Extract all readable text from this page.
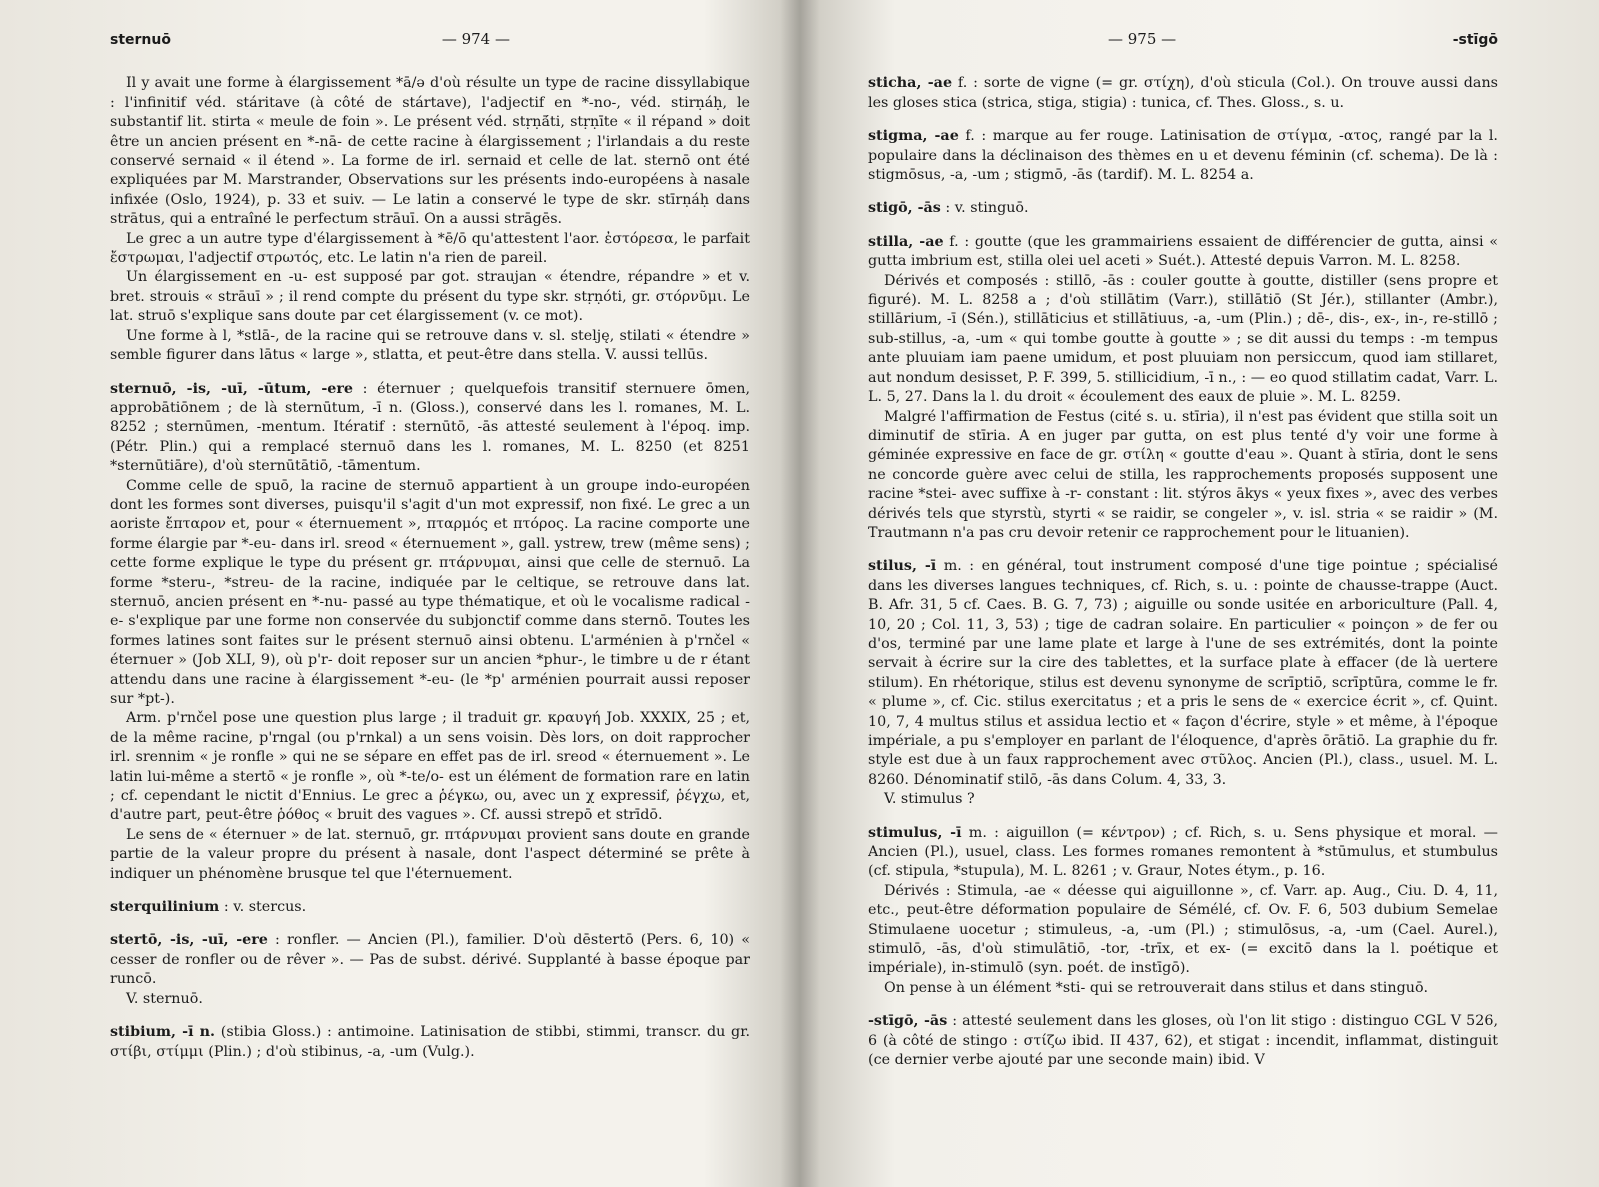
sternuō	— 974 —

Il y avait une forme à élargissement *ā/ə d'où résulte un type de racine dissyllabique : l'infinitif véd. stáritave (à côté de stártave), l'adjectif en *-no-, véd. stirṇáḥ, le substantif lit. stirta « meule de foin ». Le présent véd. stṛṇā́ti, stṛṇīte « il répand » doit être un ancien présent en *-nā- de cette racine à élargissement ; l'irlandais a du reste conservé sernaid « il étend ». La forme de irl. sernaid et celle de lat. sternō ont été expliquées par M. Marstrander, Observations sur les présents indo-européens à nasale infixée (Oslo, 1924), p. 33 et suiv. — Le latin a conservé le type de skr. stīrṇáḥ dans strātus, qui a entraîné le perfectum strāuī. On a aussi strāgēs.

Le grec a un autre type d'élargissement à *ē/ō qu'attestent l'aor. ἐστόρεσα, le parfait ἔστρωμαι, l'adjectif στρωτός, etc. Le latin n'a rien de pareil.

Un élargissement en -u- est supposé par got. straujan « étendre, répandre » et v. bret. strouis « strāuī » ; il rend compte du présent du type skr. stṛṇóti, gr. στόρνῦμι. Le lat. struō s'explique sans doute par cet élargissement (v. ce mot).

Une forme à l, *stlā-, de la racine qui se retrouve dans v. sl. stelję, stilati « étendre » semble figurer dans lātus « large », stlatta, et peut-être dans stella. V. aussi tellūs.

sternuō, -is, -uī, -ūtum, -ere : éternuer ; quelquefois transitif sternuere ōmen, approbātiōnem ; de là sternūtum, -ī n. (Gloss.), conservé dans les l. romanes, M. L. 8252 ; sternūmen, -mentum. Itératif : sternūtō, -ās attesté seulement à l'époq. imp. (Pétr. Plin.) qui a remplacé sternuō dans les l. romanes, M. L. 8250 (et 8251 *sternūtiāre), d'où sternūtātiō, -tāmentum.

Comme celle de spuō, la racine de sternuō appartient à un groupe indo-européen dont les formes sont diverses, puisqu'il s'agit d'un mot expressif, non fixé. Le grec a un aoriste ἔπταρον et, pour « éternuement », πταρμός et πτόρος. La racine comporte une forme élargie par *-eu- dans irl. sreod « éternuement », gall. ystrew, trew (même sens) ; cette forme explique le type du présent gr. πτάρνυμαι, ainsi que celle de sternuō. La forme *steru-, *streu- de la racine, indiquée par le celtique, se retrouve dans lat. sternuō, ancien présent en *-nu- passé au type thématique, et où le vocalisme radical -e- s'explique par une forme non conservée du subjonctif comme dans sternō. Toutes les formes latines sont faites sur le présent sternuō ainsi obtenu. L'arménien à p'rnčel « éternuer » (Job XLI, 9), où p'r- doit reposer sur un ancien *phur-, le timbre u de r étant attendu dans une racine à élargissement *-eu- (le *p' arménien pourrait aussi reposer sur *pt-).

Arm. p'rnčel pose une question plus large ; il traduit gr. κραυγή Job. XXXIX, 25 ; et, de la même racine, p'rngal (ou p'rnkal) a un sens voisin. Dès lors, on doit rapprocher irl. srennim « je ronfle » qui ne se sépare en effet pas de irl. sreod « éternuement ». Le latin lui-même a stertō « je ronfle », où *-te/o- est un élément de formation rare en latin ; cf. cependant le nictit d'Ennius. Le grec a ῥέγκω, ou, avec un χ expressif, ῥέγχω, et, d'autre part, peut-être ῥόθος « bruit des vagues ». Cf. aussi strepō et strīdō.

Le sens de « éternuer » de lat. sternuō, gr. πτάρνυμαι provient sans doute en grande partie de la valeur propre du présent à nasale, dont l'aspect déterminé se prête à indiquer un phénomène brusque tel que l'éternuement.

sterquilinium : v. stercus.

stertō, -is, -uī, -ere : ronfler. — Ancien (Pl.), familier. D'où dēstertō (Pers. 6, 10) « cesser de ronfler ou de rêver ». — Pas de subst. dérivé. Supplanté à basse époque par runcō.

V. sternuō.

stibium, -ī n. (stibia Gloss.) : antimoine. Latinisation de stibbi, stimmi, transcr. du gr. στίβι, στίμμι (Plin.) ; d'où stibinus, -a, -um (Vulg.).

— 975 —	-stīgō

sticha, -ae f. : sorte de vigne (= gr. στίχη), d'où sticula (Col.). On trouve aussi dans les gloses stica (strica, stiga, stigia) : tunica, cf. Thes. Gloss., s. u.

stigma, -ae f. : marque au fer rouge. Latinisation de στίγμα, -ατος, rangé par la l. populaire dans la déclinaison des thèmes en u et devenu féminin (cf. schema). De là : stigmōsus, -a, -um ; stigmō, -ās (tardif). M. L. 8254 a.

stigō, -ās : v. stinguō.

stilla, -ae f. : goutte (que les grammairiens essaient de différencier de gutta, ainsi « gutta imbrium est, stilla olei uel aceti » Suét.). Attesté depuis Varron. M. L. 8258.

Dérivés et composés : stillō, -ās : couler goutte à goutte, distiller (sens propre et figuré). M. L. 8258 a ; d'où stillātim (Varr.), stillātiō (St Jér.), stillanter (Ambr.), stillārium, -ī (Sén.), stillāticius et stillātiuus, -a, -um (Plin.) ; dē-, dis-, ex-, in-, re-stillō ; sub-stillus, -a, -um « qui tombe goutte à goutte » ; se dit aussi du temps : -m tempus ante pluuiam iam paene umidum, et post pluuiam non persiccum, quod iam stillaret, aut nondum desisset, P. F. 399, 5. stillicidium, -ī n., : — eo quod stillatim cadat, Varr. L. L. 5, 27. Dans la l. du droit « écoulement des eaux de pluie ». M. L. 8259.

Malgré l'affirmation de Festus (cité s. u. stīria), il n'est pas évident que stilla soit un diminutif de stīria. A en juger par gutta, on est plus tenté d'y voir une forme à géminée expressive en face de gr. στίλη « goutte d'eau ». Quant à stīria, dont le sens ne concorde guère avec celui de stilla, les rapprochements proposés supposent une racine *stei- avec suffixe à -r- constant : lit. stýros ākys « yeux fixes », avec des verbes dérivés tels que styrstù, styrti « se raidir, se congeler », v. isl. stria « se raidir » (M. Trautmann n'a pas cru devoir retenir ce rapprochement pour le lituanien).

stilus, -ī m. : en général, tout instrument composé d'une tige pointue ; spécialisé dans les diverses langues techniques, cf. Rich, s. u. : pointe de chausse-trappe (Auct. B. Afr. 31, 5 cf. Caes. B. G. 7, 73) ; aiguille ou sonde usitée en arboriculture (Pall. 4, 10, 20 ; Col. 11, 3, 53) ; tige de cadran solaire. En particulier « poinçon » de fer ou d'os, terminé par une lame plate et large à l'une de ses extrémités, dont la pointe servait à écrire sur la cire des tablettes, et la surface plate à effacer (de là uertere stilum). En rhétorique, stilus est devenu synonyme de scrīptiō, scrīptūra, comme le fr. « plume », cf. Cic. stilus exercitatus ; et a pris le sens de « exercice écrit », cf. Quint. 10, 7, 4 multus stilus et assidua lectio et « façon d'écrire, style » et même, à l'époque impériale, a pu s'employer en parlant de l'éloquence, d'après ōrātiō. La graphie du fr. style est due à un faux rapprochement avec στῦλος. Ancien (Pl.), class., usuel. M. L. 8260. Dénominatif stilō, -ās dans Colum. 4, 33, 3.

V. stimulus ?

stimulus, -ī m. : aiguillon (= κέντρον) ; cf. Rich, s. u. Sens physique et moral. — Ancien (Pl.), usuel, class. Les formes romanes remontent à *stūmulus, et stumbulus (cf. stipula, *stupula), M. L. 8261 ; v. Graur, Notes étym., p. 16.

Dérivés : Stimula, -ae « déesse qui aiguillonne », cf. Varr. ap. Aug., Ciu. D. 4, 11, etc., peut-être déformation populaire de Sémélé, cf. Ov. F. 6, 503 dubium Semelae Stimulaene uocetur ; stimuleus, -a, -um (Pl.) ; stimulōsus, -a, -um (Cael. Aurel.), stimulō, -ās, d'où stimulātiō, -tor, -trīx, et ex- (= excitō dans la l. poétique et impériale), in-stimulō (syn. poét. de instīgō).

On pense à un élément *sti- qui se retrouverait dans stilus et dans stinguō.

-stīgō, -ās : attesté seulement dans les gloses, où l'on lit stigo : distinguo CGL V 526, 6 (à côté de stingo : στίζω ibid. II 437, 62), et stigat : incendit, inflammat, distinguit (ce dernier verbe ajouté par une seconde main) ibid. V
